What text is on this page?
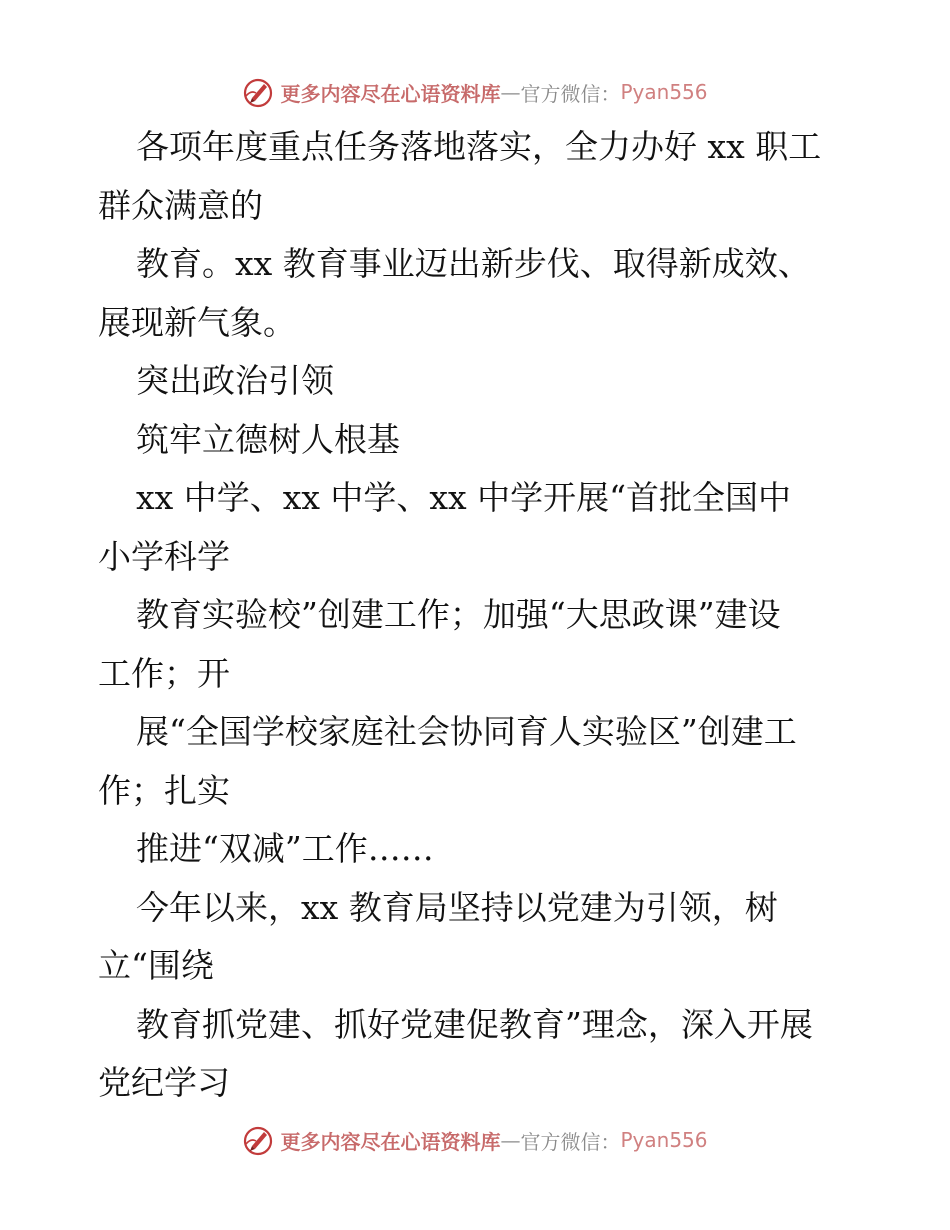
更多内容尽在心语资料库 — 官方微信： Pyan556
各项年度重点任务落地落实，全力办好 xx 职工
群众满意的
教育。xx 教育事业迈出新步伐、取得新成效、
展现新气象。
突出政治引领
筑牢立德树人根基
xx 中学、xx 中学、xx 中学开展“首批全国中
小学科学
教育实验校”创建工作；加强“大思政课”建设
工作；开
展“全国学校家庭社会协同育人实验区”创建工
作；扎实
推进“双减”工作……
今年以来，xx 教育局坚持以党建为引领，树
立“围绕
教育抓党建、抓好党建促教育”理念，深入开展
党纪学习
更多内容尽在心语资料库 — 官方微信： Pyan556
